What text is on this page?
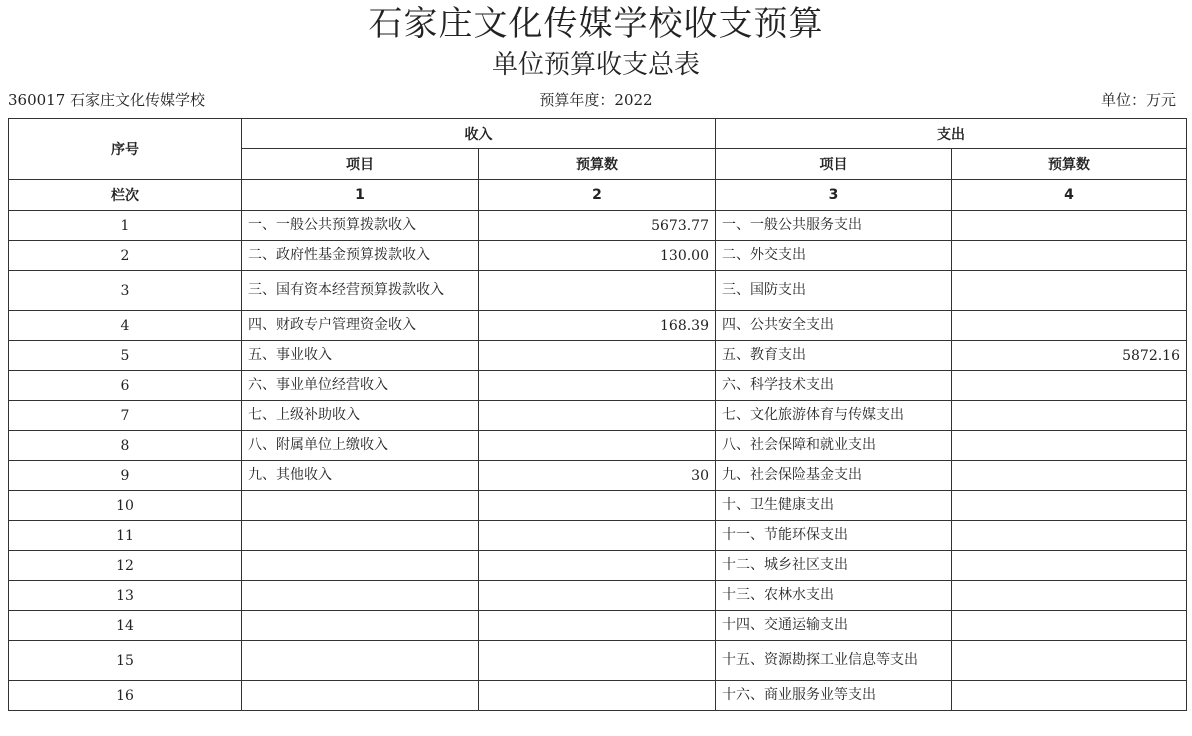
石家庄文化传媒学校收支预算
单位预算收支总表
360017 石家庄文化传媒学校	预算年度：2022	单位：万元
序号	收入		支出	
	项目	预算数	项目	预算数
栏次	1	2	3	4
1	一、一般公共预算拨款收入	5673.77	一、一般公共服务支出	
2	二、政府性基金预算拨款收入	130.00	二、外交支出	
3	三、国有资本经营预算拨款收入		三、国防支出	
4	四、财政专户管理资金收入	168.39	四、公共安全支出	
5	五、事业收入		五、教育支出	5872.16
6	六、事业单位经营收入		六、科学技术支出	
7	七、上级补助收入		七、文化旅游体育与传媒支出	
8	八、附属单位上缴收入		八、社会保障和就业支出	
9	九、其他收入	30	九、社会保险基金支出	
10			十、卫生健康支出	
11			十一、节能环保支出	
12			十二、城乡社区支出	
13			十三、农林水支出	
14			十四、交通运输支出	
15			十五、资源勘探工业信息等支出	
16			十六、商业服务业等支出	
